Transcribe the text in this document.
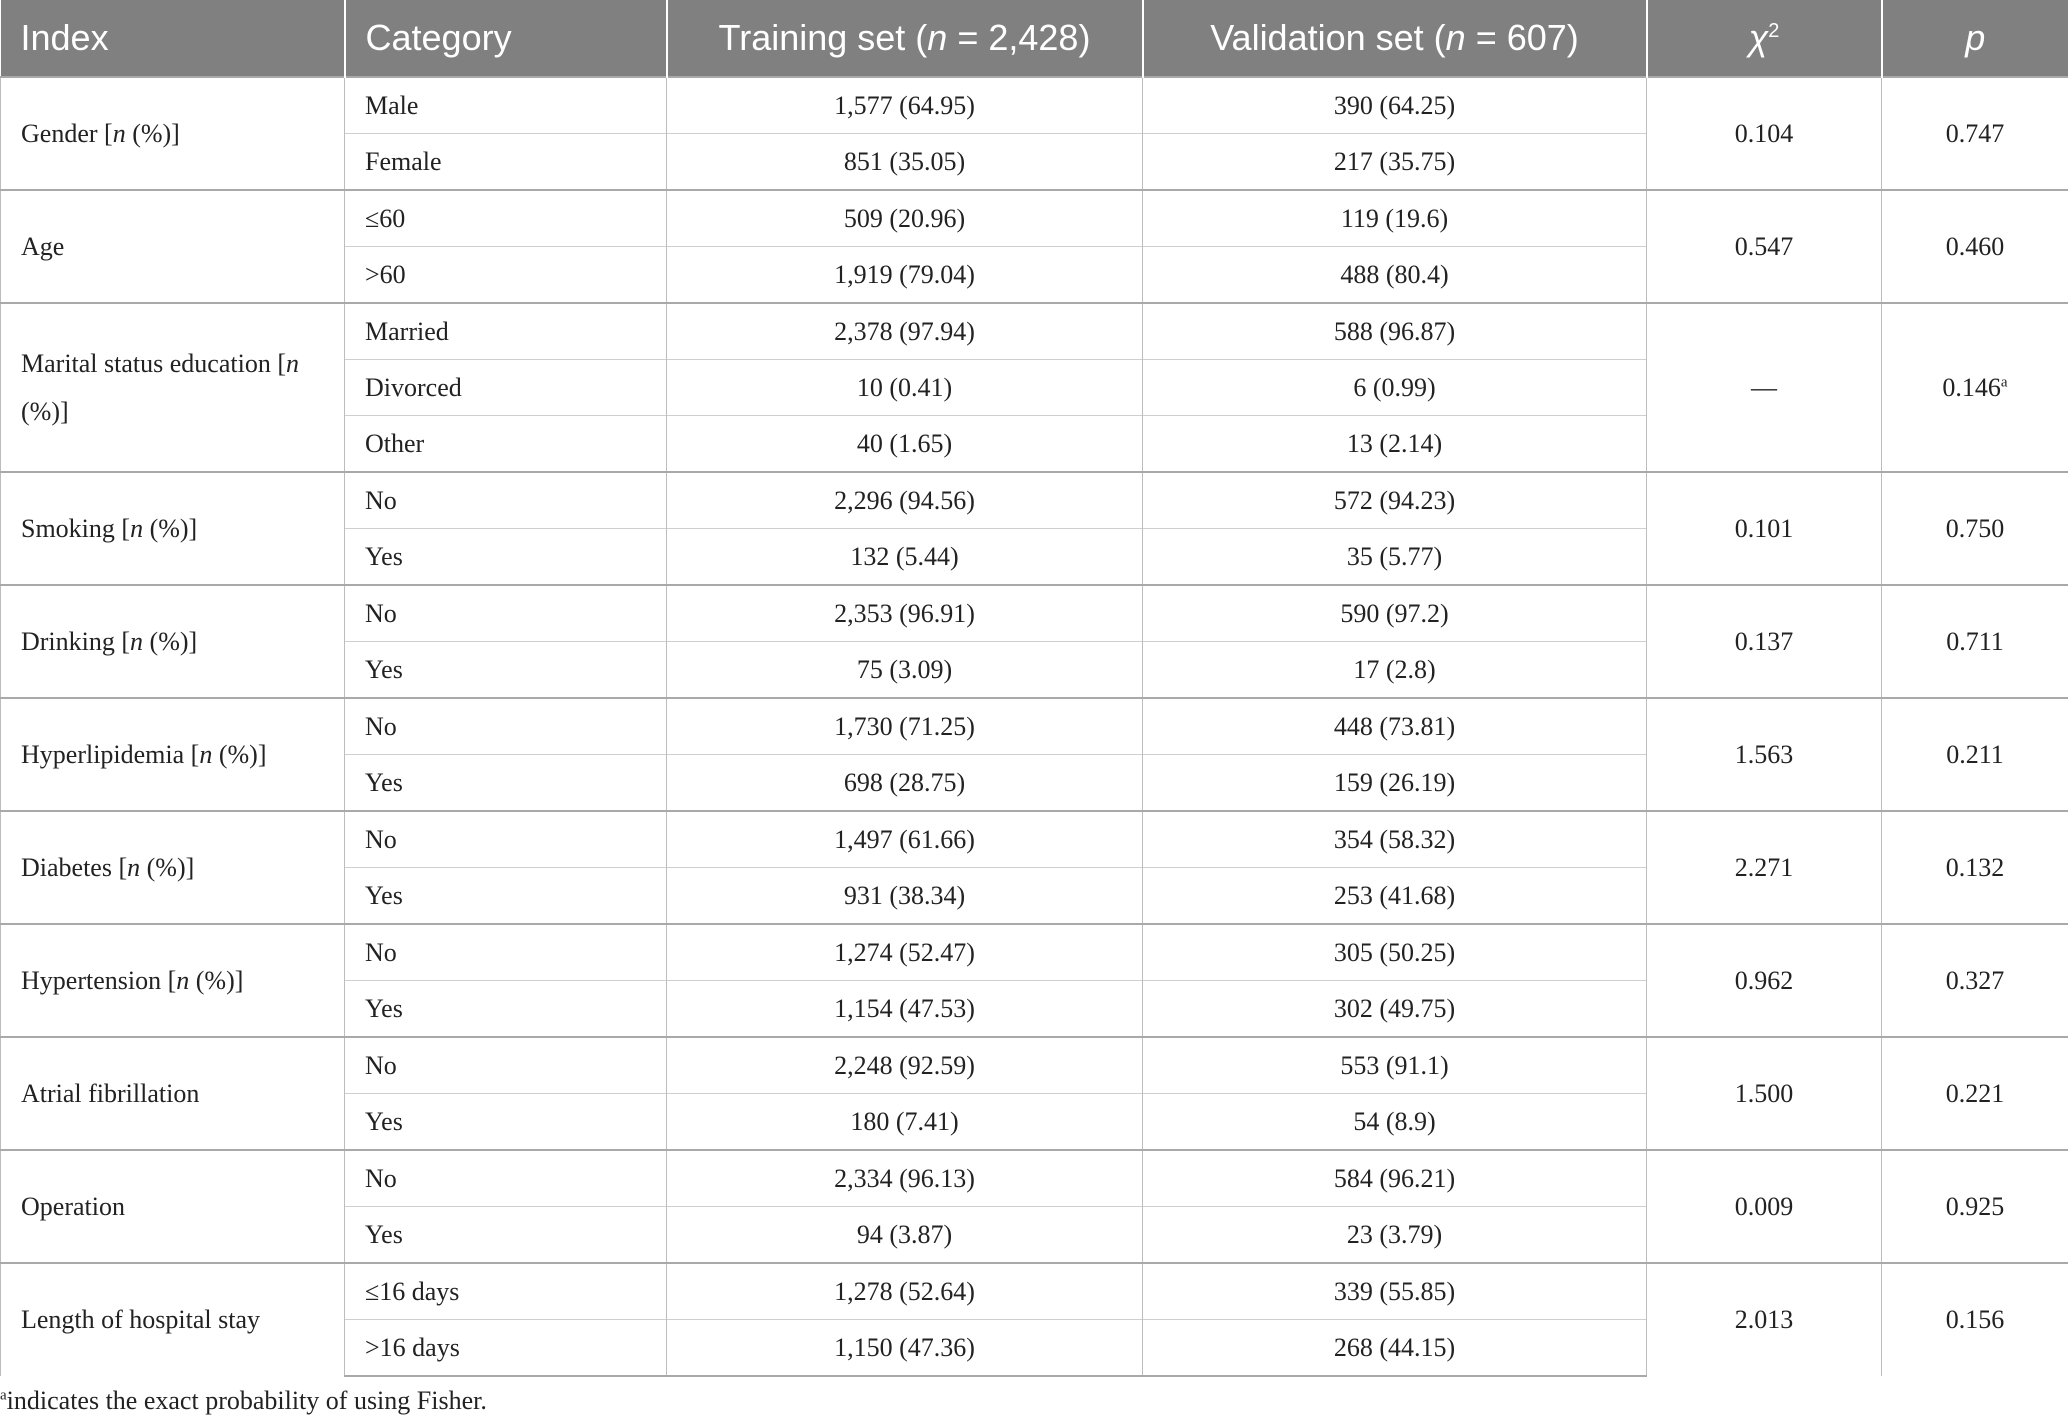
Index	Category	Training set (n = 2,428)	Validation set (n = 607)	$\chi^2$	p
Gender [n (%)]	Male	1,577 (64.95)	390 (64.25)	0.104	0.747
	Female	851 (35.05)	217 (35.75)		
Age	≤60	509 (20.96)	119 (19.6)	0.547	0.460
	>60	1,919 (79.04)	488 (80.4)		
Marital status education [n (%)]	Married	2,378 (97.94)	588 (96.87)	—	0.146$^a$
	Divorced	10 (0.41)	6 (0.99)		
	Other	40 (1.65)	13 (2.14)		
Smoking [n (%)]	No	2,296 (94.56)	572 (94.23)	0.101	0.750
	Yes	132 (5.44)	35 (5.77)		
Drinking [n (%)]	No	2,353 (96.91)	590 (97.2)	0.137	0.711
	Yes	75 (3.09)	17 (2.8)		
Hyperlipidemia [n (%)]	No	1,730 (71.25)	448 (73.81)	1.563	0.211
	Yes	698 (28.75)	159 (26.19)		
Diabetes [n (%)]	No	1,497 (61.66)	354 (58.32)	2.271	0.132
	Yes	931 (38.34)	253 (41.68)		
Hypertension [n (%)]	No	1,274 (52.47)	305 (50.25)	0.962	0.327
	Yes	1,154 (47.53)	302 (49.75)		
Atrial fibrillation	No	2,248 (92.59)	553 (91.1)	1.500	0.221
	Yes	180 (7.41)	54 (8.9)		
Operation	No	2,334 (96.13)	584 (96.21)	0.009	0.925
	Yes	94 (3.87)	23 (3.79)		
Length of hospital stay	≤16 days	1,278 (52.64)	339 (55.85)	2.013	0.156
	>16 days	1,150 (47.36)	268 (44.15)		
$^a$indicates the exact probability of using Fisher.
